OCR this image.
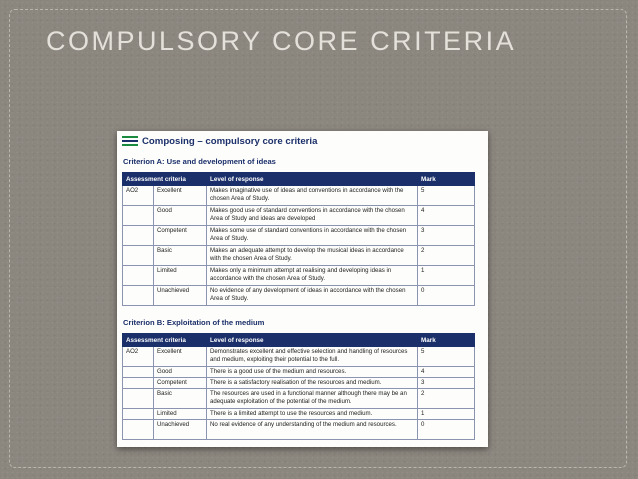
COMPULSORY CORE CRITERIA
Composing – compulsory core criteria
Criterion A: Use and development of ideas
Assessment criteria		Level of response	Mark
AO2	Excellent	Makes imaginative use of ideas and conventions in accordance with the chosen Area of Study.	5
	Good	Makes good use of standard conventions in accordance with the chosen Area of Study and ideas are developed	4
	Competent	Makes some use of standard conventions in accordance with the chosen Area of Study.	3
	Basic	Makes an adequate attempt to develop the musical ideas in accordance with the chosen Area of Study.	2
	Limited	Makes only a minimum attempt at realising and developing ideas in accordance with the chosen Area of Study.	1
	Unachieved	No evidence of any development of ideas in accordance with the chosen Area of Study.	0
Criterion B: Exploitation of the medium
Assessment criteria		Level of response	Mark
AO2	Excellent	Demonstrates excellent and effective selection and handling of resources and medium, exploiting their potential to the full.	5
	Good	There is a good use of the medium and resources.	4
	Competent	There is a satisfactory realisation of the resources and medium.	3
	Basic	The resources are used in a functional manner although there may be an adequate exploitation of the potential of the medium.	2
	Limited	There is a limited attempt to use the resources and medium.	1
	Unachieved	No real evidence of any understanding of the medium and resources.	0
